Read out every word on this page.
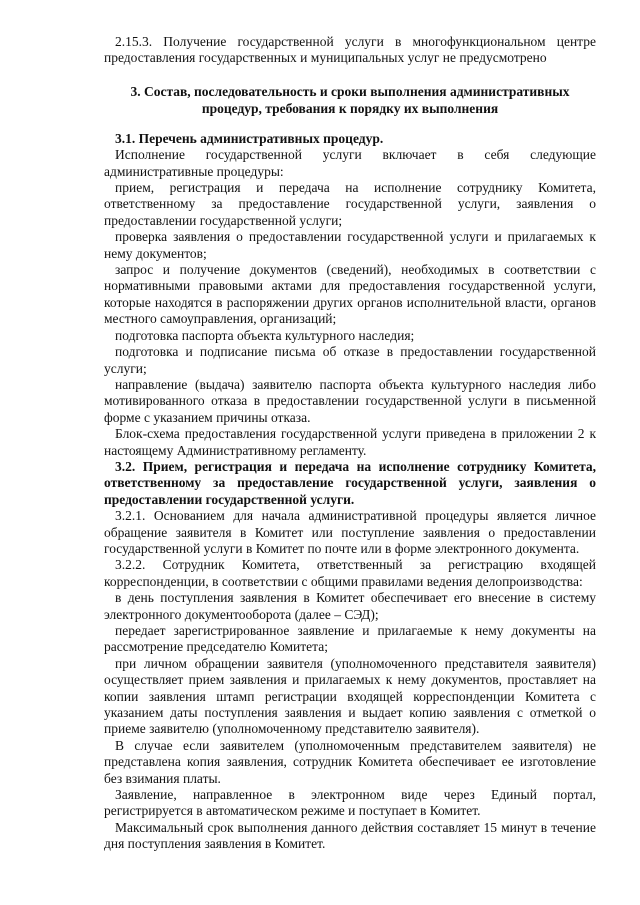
2.15.3. Получение государственной услуги в многофункциональном центре предоставления государственных и муниципальных услуг не предусмотрено

3. Состав, последовательность и сроки выполнения административных процедур, требования к порядку их выполнения

3.1. Перечень административных процедур.

Исполнение государственной услуги включает в себя следующие административные процедуры:

прием, регистрация и передача на исполнение сотруднику Комитета, ответственному за предоставление государственной услуги, заявления о предоставлении государственной услуги;

проверка заявления о предоставлении государственной услуги и прилагаемых к нему документов;

запрос и получение документов (сведений), необходимых в соответствии с нормативными правовыми актами для предоставления государственной услуги, которые находятся в распоряжении других органов исполнительной власти, органов местного самоуправления, организаций;

подготовка паспорта объекта культурного наследия;

подготовка и подписание письма об отказе в предоставлении государственной услуги;

направление (выдача) заявителю паспорта объекта культурного наследия либо мотивированного отказа в предоставлении государственной услуги в письменной форме с указанием причины отказа.

Блок-схема предоставления государственной услуги приведена в приложении 2 к настоящему Административному регламенту.

3.2. Прием, регистрация и передача на исполнение сотруднику Комитета, ответственному за предоставление государственной услуги, заявления о предоставлении государственной услуги.

3.2.1. Основанием для начала административной процедуры является личное обращение заявителя в Комитет или поступление заявления о предоставлении государственной услуги в Комитет по почте или в форме электронного документа.

3.2.2. Сотрудник Комитета, ответственный за регистрацию входящей корреспонденции, в соответствии с общими правилами ведения делопроизводства:

в день поступления заявления в Комитет обеспечивает его внесение в систему электронного документооборота (далее – СЭД);

передает зарегистрированное заявление и прилагаемые к нему документы на рассмотрение председателю Комитета;

при личном обращении заявителя (уполномоченного представителя заявителя) осуществляет прием заявления и прилагаемых к нему документов, проставляет на копии заявления штамп регистрации входящей корреспонденции Комитета с указанием даты поступления заявления и выдает копию заявления с отметкой о приеме заявителю (уполномоченному представителю заявителя).

В случае если заявителем (уполномоченным представителем заявителя) не представлена копия заявления, сотрудник Комитета обеспечивает ее изготовление без взимания платы.

Заявление, направленное в электронном виде через Единый портал, регистрируется в автоматическом режиме и поступает в Комитет.

Максимальный срок выполнения данного действия составляет 15 минут в течение дня поступления заявления в Комитет.
